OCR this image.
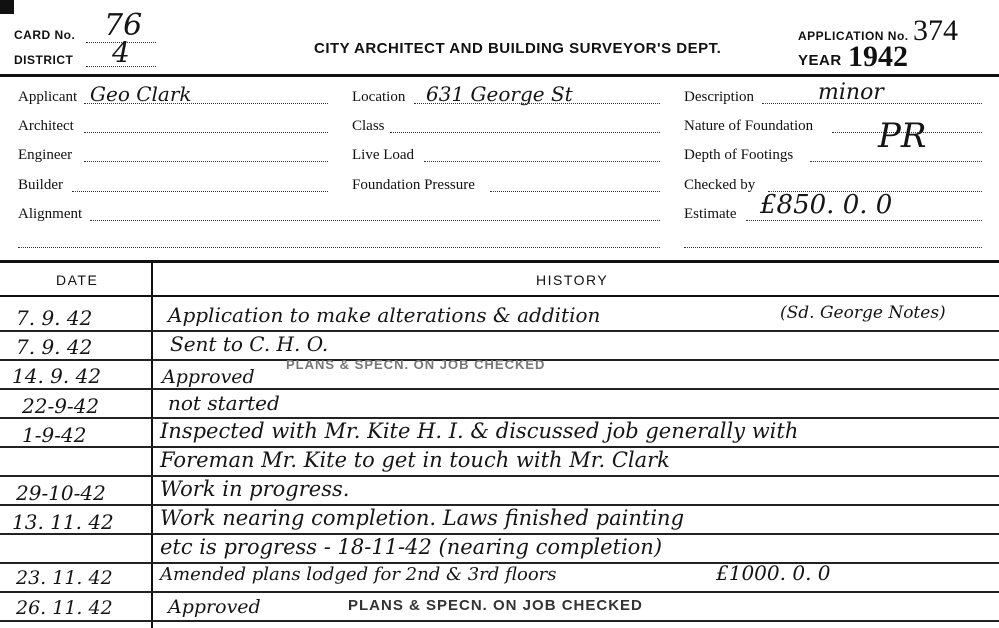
CARD No. 76
DISTRICT 4	CITY ARCHITECT AND BUILDING SURVEYOR'S DEPT.
APPLICATION No. 374
YEAR 1942
Applicant Geo Clark
Architect
Engineer
Builder
Alignment
Location 631 George St
Class
Live Load
Foundation Pressure
Description	minor
Nature of Foundation
Depth of Footings PR
Checked by
Estimate £850. 0. 0
DATE	HISTORY
7. 9. 42	Application to make alterations & addition	(Sd. George Notes)
7. 9. 42	Sent to C. H. O.
14. 9. 42	Approved
PLANS & SPECN. ON JOB CHECKED
22-9-42	not started
1-9-42	Inspected with Mr. Kite H. I. & discussed job generally with
Foreman Mr. Kite to get in touch with Mr. Clark
29-10-42	Work in progress.
13. 11. 42 Work nearing completion. Laws finished painting
etc is progress - 18-11-42 (nearing completion)
23. 11. 42	Amended plans lodged for 2nd & 3rd floors	£1000. 0. 0
26. 11. 42	Approved	PLANS & SPECN. ON JOB CHECKED
